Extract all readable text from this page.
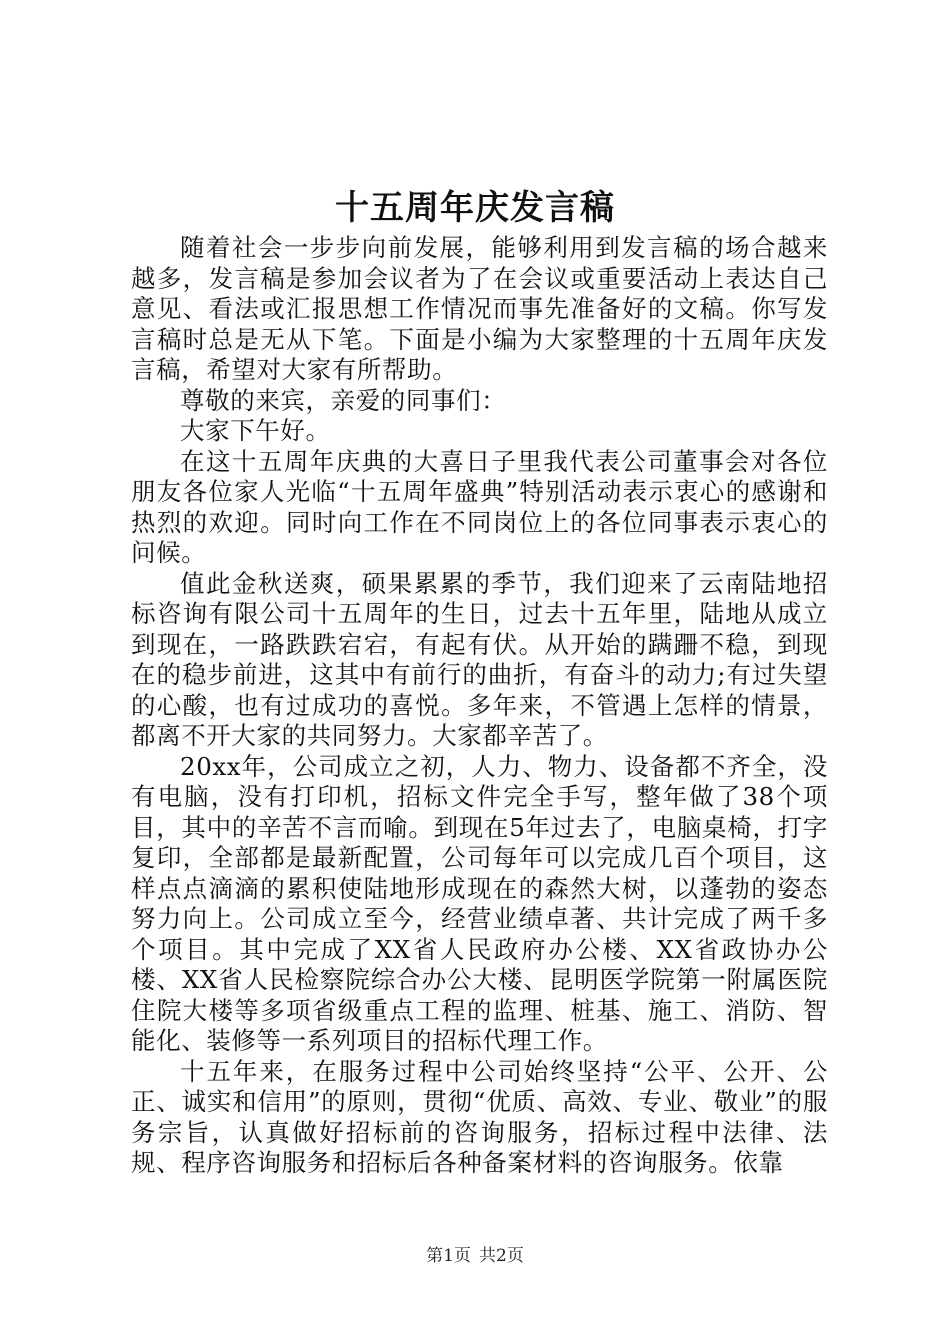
十五周年庆发言稿

随着社会一步步向前发展，能够利用到发言稿的场合越来越多，发言稿是参加会议者为了在会议或重要活动上表达自己意见、看法或汇报思想工作情况而事先准备好的文稿。你写发言稿时总是无从下笔。下面是小编为大家整理的十五周年庆发言稿，希望对大家有所帮助。

尊敬的来宾，亲爱的同事们：

大家下午好。

在这十五周年庆典的大喜日子里我代表公司董事会对各位朋友各位家人光临“十五周年盛典”特别活动表示衷心的感谢和热烈的欢迎。同时向工作在不同岗位上的各位同事表示衷心的问候。

值此金秋送爽，硕果累累的季节，我们迎来了云南陆地招标咨询有限公司十五周年的生日，过去十五年里，陆地从成立到现在，一路跌跌宕宕，有起有伏。从开始的蹒跚不稳，到现在的稳步前进，这其中有前行的曲折，有奋斗的动力;有过失望的心酸，也有过成功的喜悦。多年来，不管遇上怎样的情景，都离不开大家的共同努力。大家都辛苦了。

20xx年，公司成立之初，人力、物力、设备都不齐全，没有电脑，没有打印机，招标文件完全手写，整年做了38个项目，其中的辛苦不言而喻。到现在5年过去了，电脑桌椅，打字复印，全部都是最新配置，公司每年可以完成几百个项目，这样点点滴滴的累积使陆地形成现在的森然大树，以蓬勃的姿态努力向上。公司成立至今，经营业绩卓著、共计完成了两千多个项目。其中完成了XX省人民政府办公楼、XX省政协办公楼、XX省人民检察院综合办公大楼、昆明医学院第一附属医院住院大楼等多项省级重点工程的监理、桩基、施工、消防、智能化、装修等一系列项目的招标代理工作。

十五年来，在服务过程中公司始终坚持“公平、公开、公正、诚实和信用”的原则，贯彻“优质、高效、专业、敬业”的服务宗旨，认真做好招标前的咨询服务，招标过程中法律、法规、程序咨询服务和招标后各种备案材料的咨询服务。依靠

第1页 共2页
